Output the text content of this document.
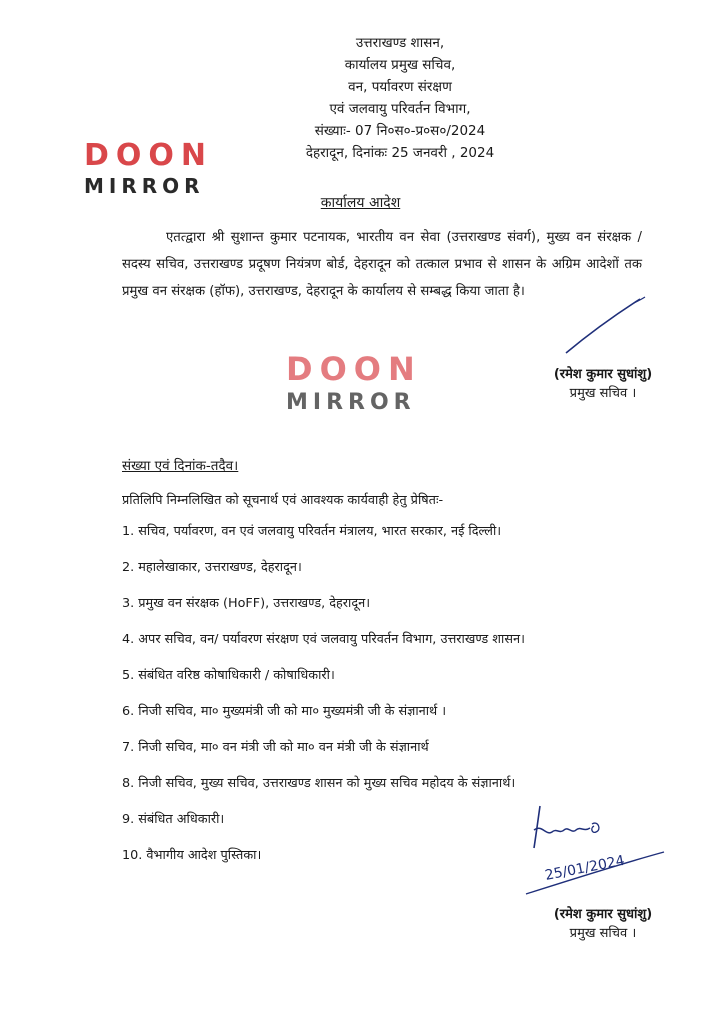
उत्तराखण्ड शासन,
कार्यालय प्रमुख सचिव,
वन, पर्यावरण संरक्षण
एवं जलवायु परिवर्तन विभाग,
संख्याः- 07 नि०स०-प्र०स०/2024
देहरादून, दिनांकः 25 जनवरी , 2024
DOON
MIRROR
कार्यालय आदेश

एतत्द्वारा श्री सुशान्त कुमार पटनायक, भारतीय वन सेवा (उत्तराखण्ड संवर्ग), मुख्य वन संरक्षक / सदस्य सचिव, उत्तराखण्ड प्रदूषण नियंत्रण बोर्ड, देहरादून को तत्काल प्रभाव से शासन के अग्रिम आदेशों तक प्रमुख वन संरक्षक (हॉफ), उत्तराखण्ड, देहरादून के कार्यालय से सम्बद्ध किया जाता है।

(रमेश कुमार सुधांशु)
प्रमुख सचिव ।
DOON
MIRROR
संख्या एवं दिनांक-तदैव।
प्रतिलिपि निम्नलिखित को सूचनार्थ एवं आवश्यक कार्यवाही हेतु प्रेषितः-
1. सचिव, पर्यावरण, वन एवं जलवायु परिवर्तन मंत्रालय, भारत सरकार, नई दिल्ली।
2. महालेखाकार, उत्तराखण्ड, देहरादून।
3. प्रमुख वन संरक्षक (HoFF), उत्तराखण्ड, देहरादून।
4. अपर सचिव, वन/ पर्यावरण संरक्षण एवं जलवायु परिवर्तन विभाग, उत्तराखण्ड शासन।
5. संबंधित वरिष्ठ कोषाधिकारी / कोषाधिकारी।
6. निजी सचिव, मा० मुख्यमंत्री जी को मा० मुख्यमंत्री जी के संज्ञानार्थ ।
7. निजी सचिव, मा० वन मंत्री जी को मा० वन मंत्री जी के संज्ञानार्थ
8. निजी सचिव, मुख्य सचिव, उत्तराखण्ड शासन को मुख्य सचिव महोदय के संज्ञानार्थ।
9. संबंधित अधिकारी।
10. वैभागीय आदेश पुस्तिका।	25/01/2024
(रमेश कुमार सुधांशु)
प्रमुख सचिव ।
